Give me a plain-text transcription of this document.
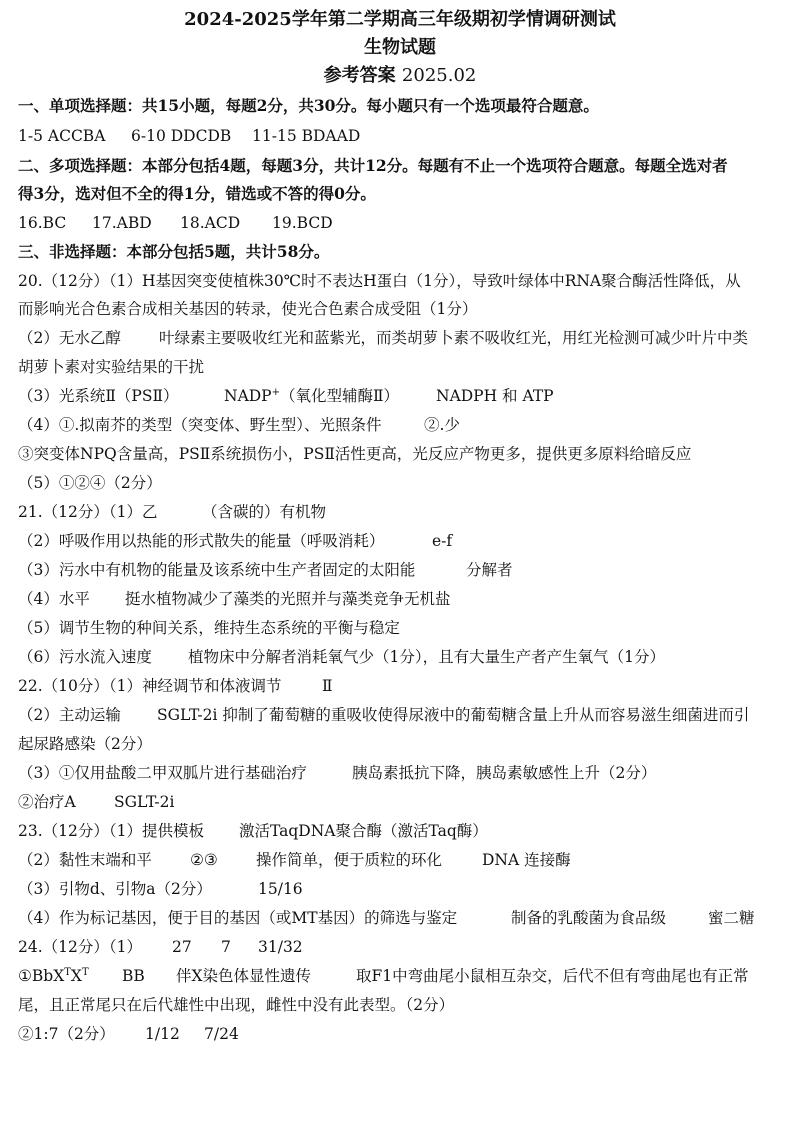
2024-2025学年第二学期高三年级期初学情调研测试
生物试题
参考答案 2025.02
一、单项选择题：共15小题，每题2分，共30分。每小题只有一个选项最符合题意。
1-5 ACCBA 6-10 DDCDB 11-15 BDAAD
二、多项选择题：本部分包括4题，每题3分，共计12分。每题有不止一个选项符合题意。每题全选对者
得3分，选对但不全的得1分，错选或不答的得0分。
16.BC 17.ABD 18.ACD 19.BCD
三、非选择题：本部分包括5题，共计58分。
20.（12分）（1）H基因突变使植株30℃时不表达H蛋白（1分），导致叶绿体中RNA聚合酶活性降低，从
而影响光合色素合成相关基因的转录，使光合色素合成受阻（1分）
（2）无水乙醇 叶绿素主要吸收红光和蓝紫光，而类胡萝卜素不吸收红光，用红光检测可减少叶片中类
胡萝卜素对实验结果的干扰
（3）光系统Ⅱ（PSⅡ）	NADP+（氧化型辅酶Ⅱ） NADPH 和 ATP
（4）①.拟南芥的类型（突变体、野生型）、光照条件	②.少
③突变体NPQ含量高，PSⅡ系统损伤小，PSⅡ活性更高，光反应产物更多，提供更多原料给暗反应
（5）①②④（2分）
21.（12分）（1）乙	（含碳的）有机物
（2）呼吸作用以热能的形式散失的能量（呼吸消耗）	e-f
（3）污水中有机物的能量及该系统中生产者固定的太阳能	分解者
（4）水平 挺水植物减少了藻类的光照并与藻类竞争无机盐
（5）调节生物的种间关系，维持生态系统的平衡与稳定
（6）污水流入速度 植物床中分解者消耗氧气少（1分），且有大量生产者产生氧气（1分）
22.（10分）（1）神经调节和体液调节	Ⅱ
（2）主动运输 SGLT-2i 抑制了葡萄糖的重吸收使得尿液中的葡萄糖含量上升从而容易滋生细菌进而引
起尿路感染（2分）
（3）①仅用盐酸二甲双胍片进行基础治疗	胰岛素抵抗下降，胰岛素敏感性上升（2分）
②治疗A SGLT-2i
23.（12分）（1）提供模板 激活TaqDNA聚合酶（激活Taq酶）
（2）黏性末端和平 ②③ 操作简单，便于质粒的环化	DNA 连接酶
（3）引物d、引物a（2分）	15/16
（4）作为标记基因，便于目的基因（或MT基因）的筛选与鉴定	制备的乳酸菌为食品级	蜜二糖
24.（12分）（1） 27 7 31/32
$①BbX^TX^T$ BB 伴X染色体显性遗传	取F1中弯曲尾小鼠相互杂交，后代不但有弯曲尾也有正常
尾，且正常尾只在后代雄性中出现，雌性中没有此表型。（2分）
②1:7（2分） 1/12 7/24
